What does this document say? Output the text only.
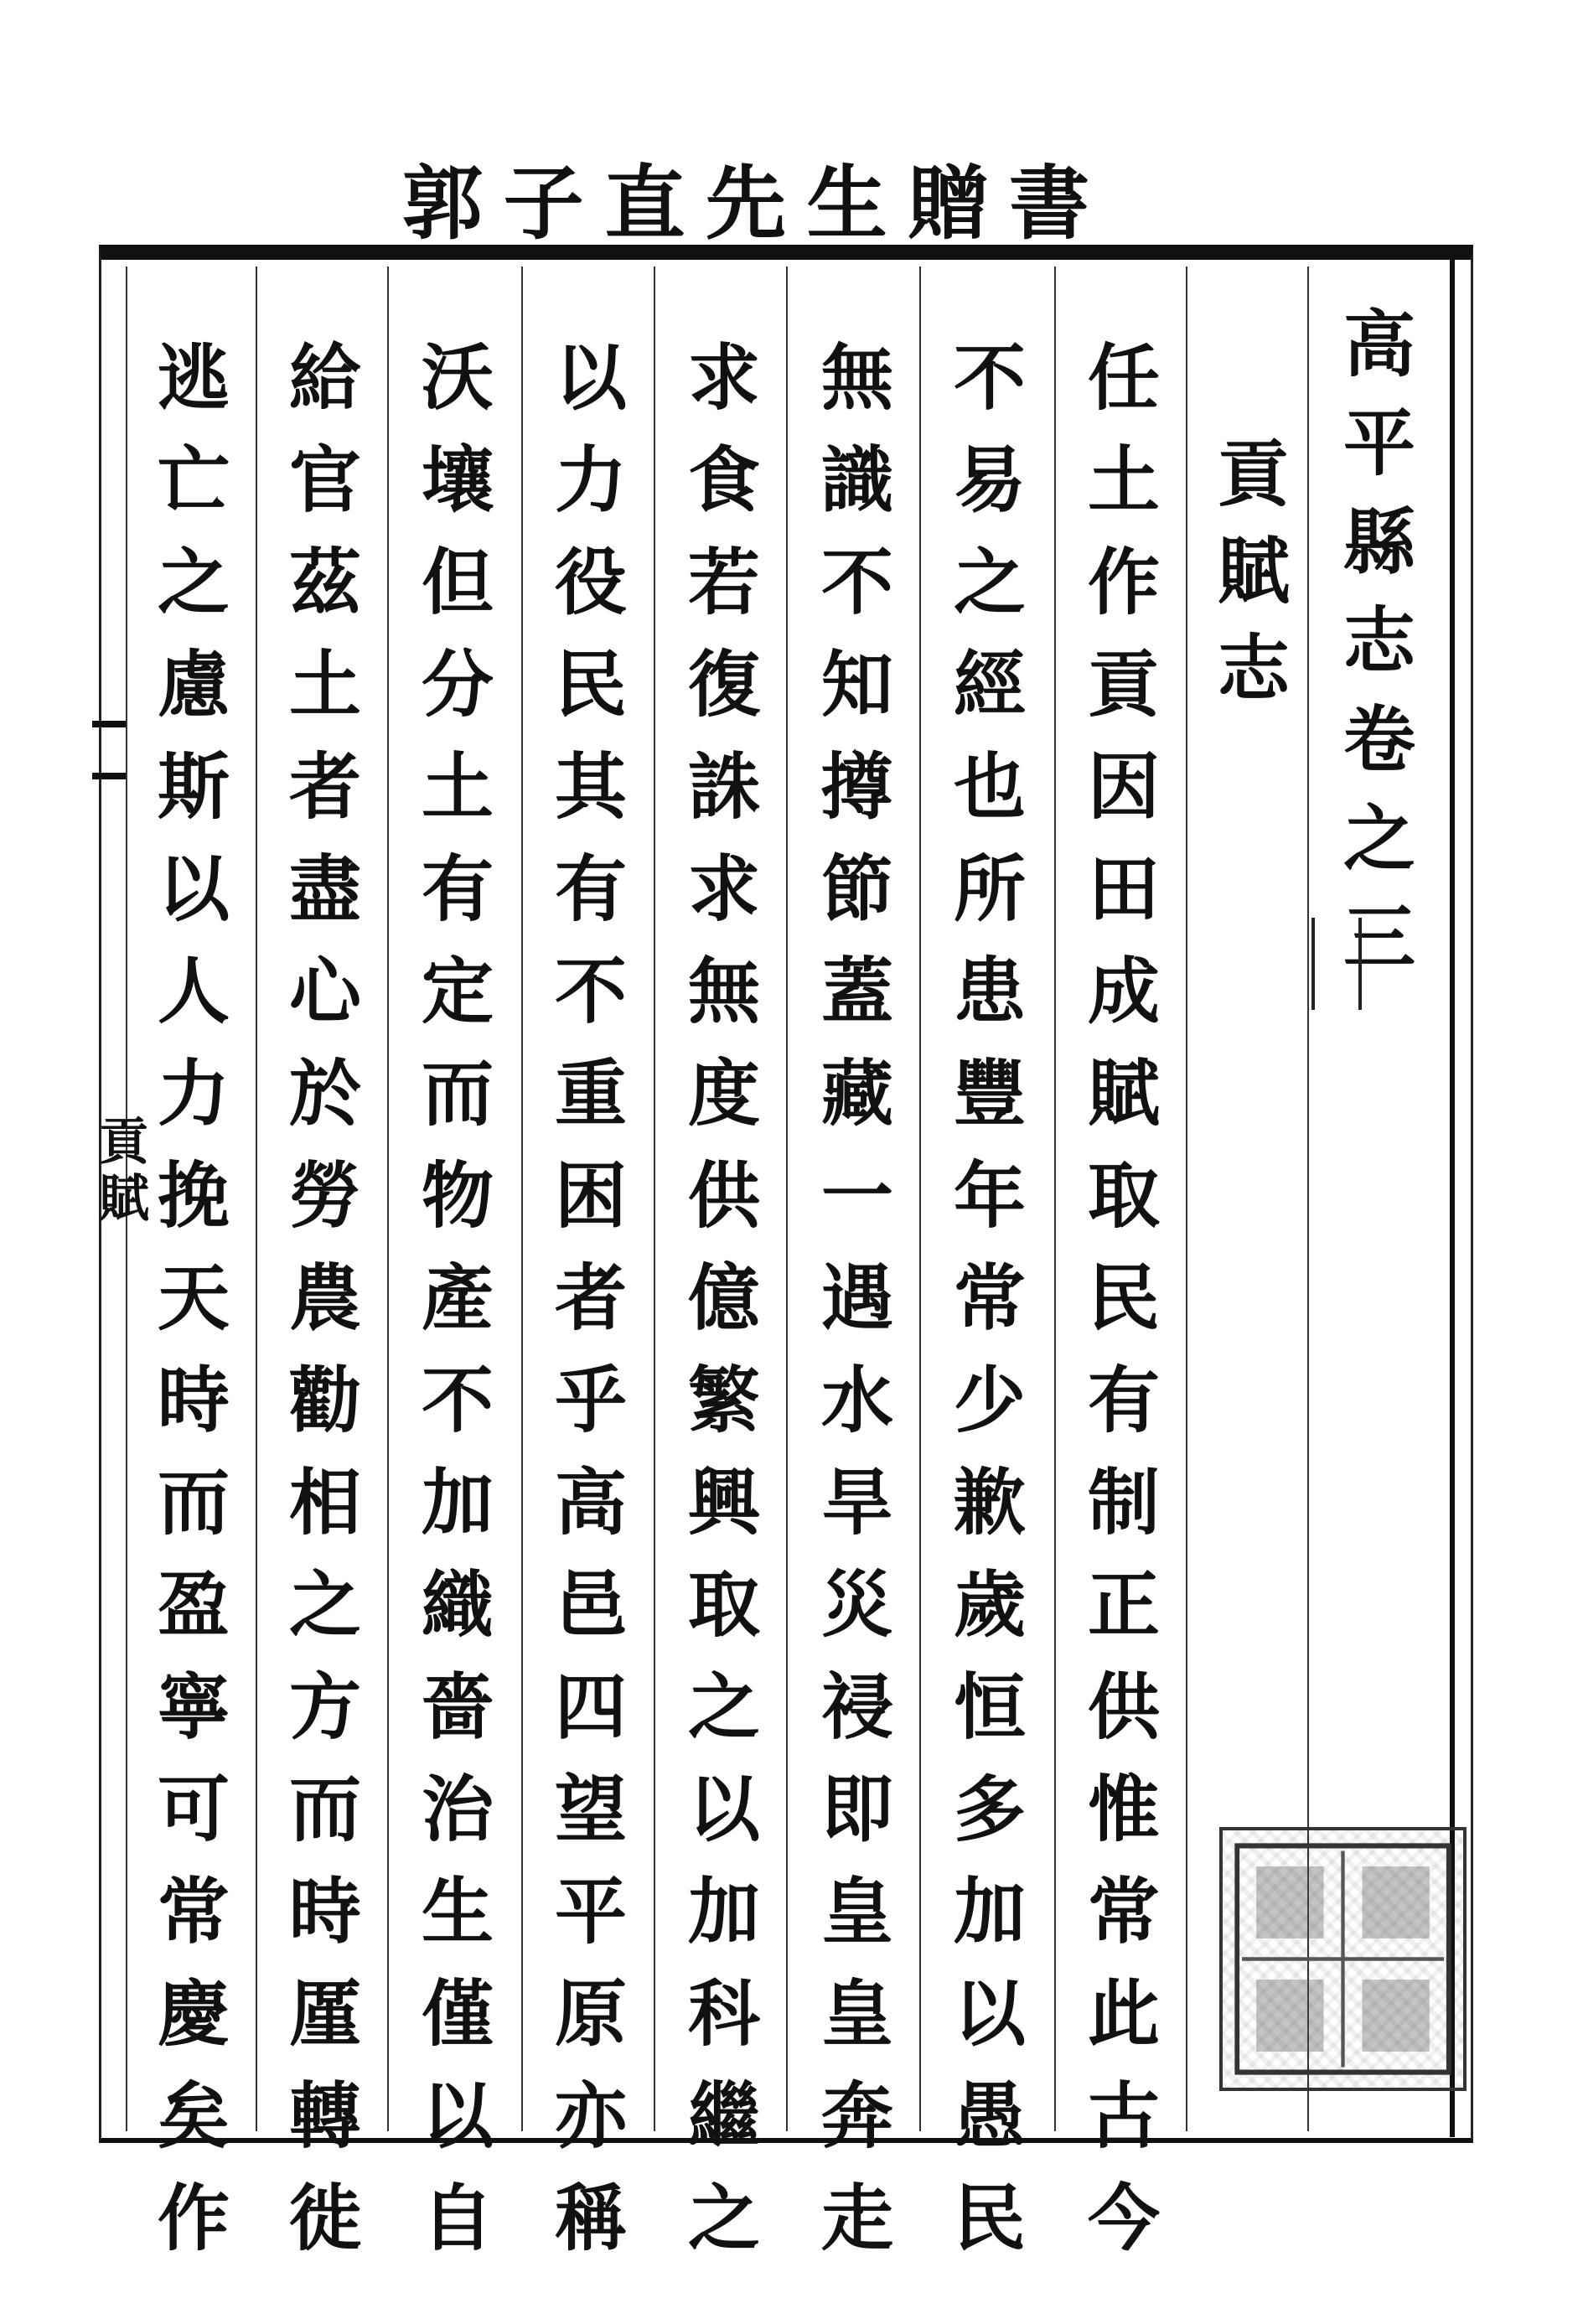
書
贈
生
先
直
子
郭
高平縣志卷之三
貢賦志
任土作貢因田成賦取民有制正供惟常此古今
不易之經也所患豐年常少歉歲恒多加以愚民
無識不知撙節蓋藏一遇水旱災祲即皇皇奔走
求食若復誅求無度供億繁興取之以加科繼之
以力役民其有不重困者乎高邑四望平原亦稱
沃壤但分土有定而物產不加織嗇治生僅以自
給官茲土者盡心於勞農勸相之方而時厪轉徙
逃亡之慮斯以人力挽天時而盈寧可常慶矣作
貢賦
